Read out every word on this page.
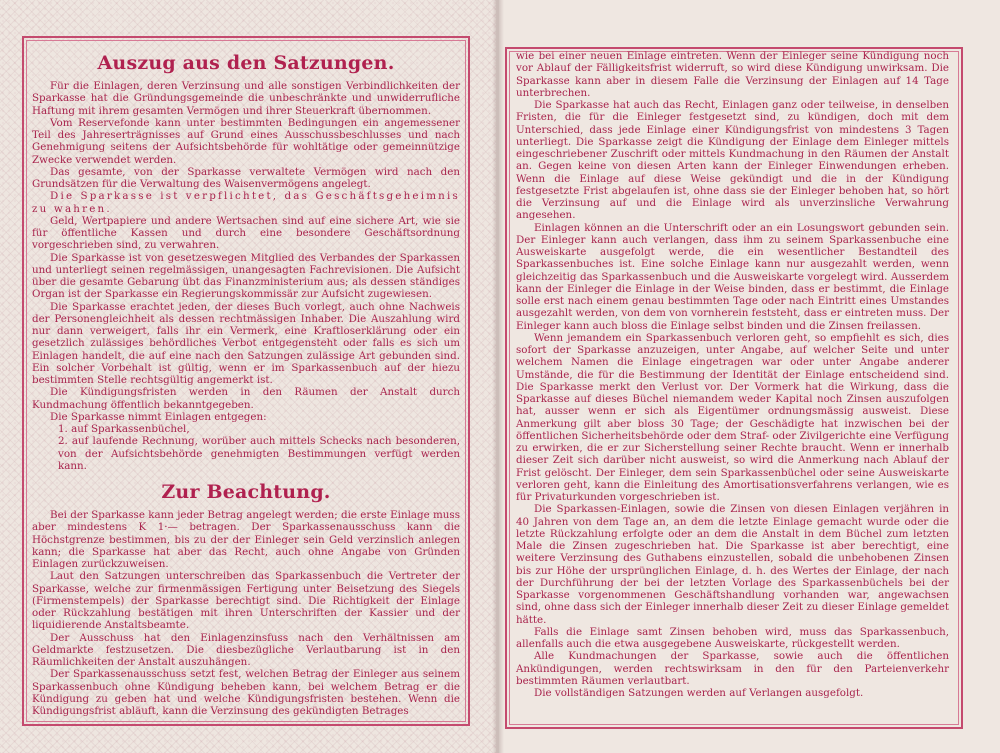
Auszug aus den Satzungen.

Für die Einlagen, deren Verzinsung und alle sonstigen Verbindlichkeiten der Sparkasse hat die Gründungsgemeinde die unbeschränkte und unwiderrufliche Haftung mit ihrem gesamten Vermögen und ihrer Steuerkraft übernommen.

Vom Reservefonde kann unter bestimmten Bedingungen ein angemessener Teil des Jahreserträgnisses auf Grund eines Ausschussbeschlusses und nach Genehmigung seitens der Aufsichtsbehörde für wohltätige oder gemeinnützige Zwecke verwendet werden.

Das gesamte, von der Sparkasse verwaltete Vermögen wird nach den Grundsätzen für die Verwaltung des Waisenvermögens angelegt.

Die Sparkasse ist verpflichtet, das Geschäftsgeheimnis zu wahren.

Geld, Wertpapiere und andere Wertsachen sind auf eine sichere Art, wie sie für öffentliche Kassen und durch eine besondere Geschäftsordnung vorgeschrieben sind, zu verwahren.

Die Sparkasse ist von gesetzeswegen Mitglied des Verbandes der Sparkassen und unterliegt seinen regelmässigen, unangesagten Fachrevisionen. Die Aufsicht über die gesamte Gebarung übt das Finanzministerium aus; als dessen ständiges Organ ist der Sparkasse ein Regierungskommissär zur Aufsicht zugewiesen.

Die Sparkasse erachtet jeden, der dieses Buch vorlegt, auch ohne Nachweis der Personengleichheit als dessen rechtmässigen Inhaber. Die Auszahlung wird nur dann verweigert, falls ihr ein Vermerk, eine Kraftloserklärung oder ein gesetzlich zulässiges behördliches Verbot entgegensteht oder falls es sich um Einlagen handelt, die auf eine nach den Satzungen zulässige Art gebunden sind. Ein solcher Vorbehalt ist gültig, wenn er im Sparkassenbuch auf der hiezu bestimmten Stelle rechtsgültig angemerkt ist.

Die Kündigungsfristen werden in den Räumen der Anstalt durch Kundmachung öffentlich bekanntgegeben.

Die Sparkasse nimmt Einlagen entgegen:

1. auf Sparkassenbüchel,

2. auf laufende Rechnung, worüber auch mittels Schecks nach besonderen, von der Aufsichtsbehörde genehmigten Bestimmungen verfügt werden kann.

Zur Beachtung.

Bei der Sparkasse kann jeder Betrag angelegt werden; die erste Einlage muss aber mindestens K 1·— betragen. Der Sparkassenausschuss kann die Höchstgrenze bestimmen, bis zu der der Einleger sein Geld verzinslich anlegen kann; die Sparkasse hat aber das Recht, auch ohne Angabe von Gründen Einlagen zurückzuweisen.

Laut den Satzungen unterschreiben das Sparkassenbuch die Vertreter der Sparkasse, welche zur firmenmässigen Fertigung unter Beisetzung des Siegels (Firmenstempels) der Sparkasse berechtigt sind. Die Richtigkeit der Einlage oder Rückzahlung bestätigen mit ihren Unterschriften der Kassier und der liquidierende Anstaltsbeamte.

Der Ausschuss hat den Einlagenzinsfuss nach den Verhältnissen am Geldmarkte festzusetzen. Die diesbezügliche Verlautbarung ist in den Räumlichkeiten der Anstalt auszuhängen.

Der Sparkassenausschuss setzt fest, welchen Betrag der Einleger aus seinem Sparkassenbuch ohne Kündigung beheben kann, bei welchem Betrag er die Kündigung zu geben hat und welche Kündigungsfristen bestehen. Wenn die Kündigungsfrist abläuft, kann die Verzinsung des gekündigten Betrages

wie bei einer neuen Einlage eintreten. Wenn der Einleger seine Kündigung noch vor Ablauf der Fälligkeitsfrist widerruft, so wird diese Kündigung unwirksam. Die Sparkasse kann aber in diesem Falle die Verzinsung der Einlagen auf 14 Tage unterbrechen.

Die Sparkasse hat auch das Recht, Einlagen ganz oder teilweise, in denselben Fristen, die für die Einleger festgesetzt sind, zu kündigen, doch mit dem Unterschied, dass jede Einlage einer Kündigungsfrist von mindestens 3 Tagen unterliegt. Die Sparkasse zeigt die Kündigung der Einlage dem Einleger mittels eingeschriebener Zuschrift oder mittels Kundmachung in den Räumen der Anstalt an. Gegen keine von diesen Arten kann der Einleger Einwendungen erheben. Wenn die Einlage auf diese Weise gekündigt und die in der Kündigung festgesetzte Frist abgelaufen ist, ohne dass sie der Einleger behoben hat, so hört die Verzinsung auf und die Einlage wird als unverzinsliche Verwahrung angesehen.

Einlagen können an die Unterschrift oder an ein Losungswort gebunden sein. Der Einleger kann auch verlangen, dass ihm zu seinem Sparkassenbuche eine Ausweiskarte ausgefolgt werde, die ein wesentlicher Bestandteil des Sparkassenbuches ist. Eine solche Einlage kann nur ausgezahlt werden, wenn gleichzeitig das Sparkassenbuch und die Ausweiskarte vorgelegt wird. Ausserdem kann der Einleger die Einlage in der Weise binden, dass er bestimmt, die Einlage solle erst nach einem genau bestimmten Tage oder nach Eintritt eines Umstandes ausgezahlt werden, von dem von vornherein feststeht, dass er eintreten muss. Der Einleger kann auch bloss die Einlage selbst binden und die Zinsen freilassen.

Wenn jemandem ein Sparkassenbuch verloren geht, so empfiehlt es sich, dies sofort der Sparkasse anzuzeigen, unter Angabe, auf welcher Seite und unter welchem Namen die Einlage eingetragen war oder unter Angabe anderer Umstände, die für die Bestimmung der Identität der Einlage entscheidend sind. Die Sparkasse merkt den Verlust vor. Der Vormerk hat die Wirkung, dass die Sparkasse auf dieses Büchel niemandem weder Kapital noch Zinsen auszufolgen hat, ausser wenn er sich als Eigentümer ordnungsmässig ausweist. Diese Anmerkung gilt aber bloss 30 Tage; der Geschädigte hat inzwischen bei der öffentlichen Sicherheitsbehörde oder dem Straf- oder Zivilgerichte eine Verfügung zu erwirken, die er zur Sicherstellung seiner Rechte braucht. Wenn er innerhalb dieser Zeit sich darüber nicht ausweist, so wird die Anmerkung nach Ablauf der Frist gelöscht. Der Einleger, dem sein Sparkassenbüchel oder seine Ausweiskarte verloren geht, kann die Einleitung des Amortisationsverfahrens verlangen, wie es für Privaturkunden vorgeschrieben ist.

Die Sparkassen-Einlagen, sowie die Zinsen von diesen Einlagen verjähren in 40 Jahren von dem Tage an, an dem die letzte Einlage gemacht wurde oder die letzte Rückzahlung erfolgte oder an dem die Anstalt in dem Büchel zum letzten Male die Zinsen zugeschrieben hat. Die Sparkasse ist aber berechtigt, eine weitere Verzinsung des Guthabens einzustellen, sobald die unbehobenen Zinsen bis zur Höhe der ursprünglichen Einlage, d. h. des Wertes der Einlage, der nach der Durchführung der bei der letzten Vorlage des Sparkassenbüchels bei der Sparkasse vorgenommenen Geschäftshandlung vorhanden war, angewachsen sind, ohne dass sich der Einleger innerhalb dieser Zeit zu dieser Einlage gemeldet hätte.

Falls die Einlage samt Zinsen behoben wird, muss das Sparkassenbuch, allenfalls auch die etwa ausgegebene Ausweiskarte, rückgestellt werden.

Alle Kundmachungen der Sparkasse, sowie auch die öffentlichen Ankündigungen, werden rechtswirksam in den für den Parteienverkehr bestimmten Räumen verlautbart.

Die vollständigen Satzungen werden auf Verlangen ausgefolgt.
